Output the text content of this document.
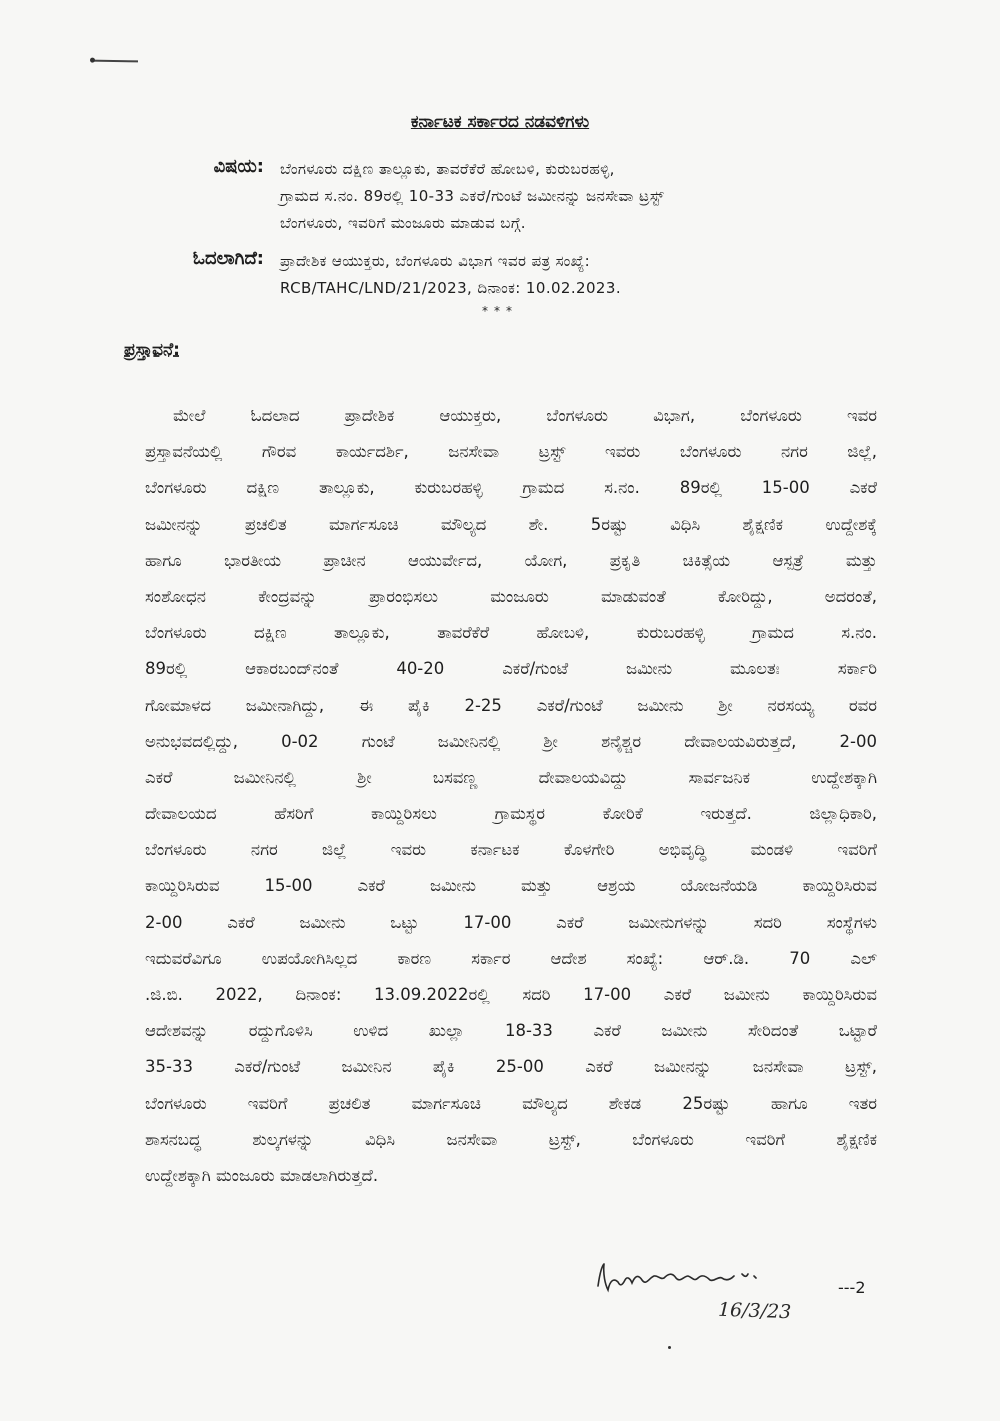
ಕರ್ನಾಟಕ ಸರ್ಕಾರದ ನಡವಳಿಗಳು
ವಿಷಯ: ಬೆಂಗಳೂರು ದಕ್ಷಿಣ ತಾಲ್ಲೂಕು, ತಾವರೆಕೆರೆ ಹೋಬಳಿ, ಕುರುಬರಹಳ್ಳಿ,
ಗ್ರಾಮದ ಸ.ನಂ. 89ರಲ್ಲಿ 10-33 ಎಕರೆ/ಗುಂಟೆ ಜಮೀನನ್ನು ಜನಸೇವಾ ಟ್ರಸ್ಟ್
ಬೆಂಗಳೂರು, ಇವರಿಗೆ ಮಂಜೂರು ಮಾಡುವ ಬಗ್ಗೆ.
ಓದಲಾಗಿದೆ: ಪ್ರಾದೇಶಿಕ ಆಯುಕ್ತರು, ಬೆಂಗಳೂರು ವಿಭಾಗ ಇವರ ಪತ್ರ ಸಂಖ್ಯೆ:
RCB/TAHC/LND/21/2023, ದಿನಾಂಕ: 10.02.2023.
***
ಪ್ರಸ್ತಾವನೆ:
ಮೇಲೆ ಓದಲಾದ ಪ್ರಾದೇಶಿಕ ಆಯುಕ್ತರು, ಬೆಂಗಳೂರು ವಿಭಾಗ, ಬೆಂಗಳೂರು ಇವರ
ಪ್ರಸ್ತಾವನೆಯಲ್ಲಿ ಗೌರವ ಕಾರ್ಯದರ್ಶಿ, ಜನಸೇವಾ ಟ್ರಸ್ಟ್ ಇವರು ಬೆಂಗಳೂರು ನಗರ ಜಿಲ್ಲೆ,
ಬೆಂಗಳೂರು ದಕ್ಷಿಣ ತಾಲ್ಲೂಕು, ಕುರುಬರಹಳ್ಳಿ ಗ್ರಾಮದ ಸ.ನಂ. 89ರಲ್ಲಿ 15-00 ಎಕರೆ
ಜಮೀನನ್ನು ಪ್ರಚಲಿತ ಮಾರ್ಗಸೂಚಿ ಮೌಲ್ಯದ ಶೇ. 5ರಷ್ಟು ವಿಧಿಸಿ ಶೈಕ್ಷಣಿಕ ಉದ್ದೇಶಕ್ಕೆ
ಹಾಗೂ ಭಾರತೀಯ ಪ್ರಾಚೀನ ಆಯುರ್ವೇದ, ಯೋಗ, ಪ್ರಕೃತಿ ಚಿಕಿತ್ಸೆಯ ಆಸ್ಪತ್ರೆ ಮತ್ತು
ಸಂಶೋಧನ ಕೇಂದ್ರವನ್ನು ಪ್ರಾರಂಭಿಸಲು ಮಂಜೂರು ಮಾಡುವಂತೆ ಕೋರಿದ್ದು, ಅದರಂತೆ,
ಬೆಂಗಳೂರು ದಕ್ಷಿಣ ತಾಲ್ಲೂಕು, ತಾವರೆಕೆರೆ ಹೋಬಳಿ, ಕುರುಬರಹಳ್ಳಿ ಗ್ರಾಮದ ಸ.ನಂ.
89ರಲ್ಲಿ ಆಕಾರಬಂದ್‌ನಂತೆ 40-20 ಎಕರೆ/ಗುಂಟೆ ಜಮೀನು ಮೂಲತಃ ಸರ್ಕಾರಿ
ಗೋಮಾಳದ ಜಮೀನಾಗಿದ್ದು, ಈ ಪೈಕಿ 2-25 ಎಕರೆ/ಗುಂಟೆ ಜಮೀನು ಶ್ರೀ ನರಸಯ್ಯ ರವರ
ಅನುಭವದಲ್ಲಿದ್ದು, 0-02 ಗುಂಟೆ ಜಮೀನಿನಲ್ಲಿ ಶ್ರೀ ಶನೈಶ್ಚರ ದೇವಾಲಯವಿರುತ್ತದೆ, 2-00
ಎಕರೆ ಜಮೀನಿನಲ್ಲಿ ಶ್ರೀ ಬಸವಣ್ಣ ದೇವಾಲಯವಿದ್ದು ಸಾರ್ವಜನಿಕ ಉದ್ದೇಶಕ್ಕಾಗಿ
ದೇವಾಲಯದ ಹೆಸರಿಗೆ ಕಾಯ್ದಿರಿಸಲು ಗ್ರಾಮಸ್ಥರ ಕೋರಿಕೆ ಇರುತ್ತದೆ. ಜಿಲ್ಲಾಧಿಕಾರಿ,
ಬೆಂಗಳೂರು ನಗರ ಜಿಲ್ಲೆ ಇವರು ಕರ್ನಾಟಕ ಕೊಳಗೇರಿ ಅಭಿವೃದ್ಧಿ ಮಂಡಳಿ ಇವರಿಗೆ
ಕಾಯ್ದಿರಿಸಿರುವ 15-00 ಎಕರೆ ಜಮೀನು ಮತ್ತು ಆಶ್ರಯ ಯೋಜನೆಯಡಿ ಕಾಯ್ದಿರಿಸಿರುವ
2-00 ಎಕರೆ ಜಮೀನು ಒಟ್ಟು 17-00 ಎಕರೆ ಜಮೀನುಗಳನ್ನು ಸದರಿ ಸಂಸ್ಥೆಗಳು
ಇದುವರೆವಿಗೂ ಉಪಯೋಗಿಸಿಲ್ಲದ ಕಾರಣ ಸರ್ಕಾರ ಆದೇಶ ಸಂಖ್ಯೆ: ಆರ್.ಡಿ. 70 ಎಲ್
.ಜಿ.ಬಿ. 2022, ದಿನಾಂಕ: 13.09.2022ರಲ್ಲಿ ಸದರಿ 17-00 ಎಕರೆ ಜಮೀನು ಕಾಯ್ದಿರಿಸಿರುವ
ಆದೇಶವನ್ನು ರದ್ದುಗೊಳಿಸಿ ಉಳಿದ ಖುಲ್ಲಾ 18-33 ಎಕರೆ ಜಮೀನು ಸೇರಿದಂತೆ ಒಟ್ಟಾರೆ
35-33 ಎಕರೆ/ಗುಂಟೆ ಜಮೀನಿನ ಪೈಕಿ 25-00 ಎಕರೆ ಜಮೀನನ್ನು ಜನಸೇವಾ ಟ್ರಸ್ಟ್,
ಬೆಂಗಳೂರು ಇವರಿಗೆ ಪ್ರಚಲಿತ ಮಾರ್ಗಸೂಚಿ ಮೌಲ್ಯದ ಶೇಕಡ 25ರಷ್ಟು ಹಾಗೂ ಇತರ
ಶಾಸನಬದ್ಧ ಶುಲ್ಕಗಳನ್ನು ವಿಧಿಸಿ ಜನಸೇವಾ ಟ್ರಸ್ಟ್, ಬೆಂಗಳೂರು ಇವರಿಗೆ ಶೈಕ್ಷಣಿಕ
ಉದ್ದೇಶಕ್ಕಾಗಿ ಮಂಜೂರು ಮಾಡಲಾಗಿರುತ್ತದೆ.
16/3/23
---2
